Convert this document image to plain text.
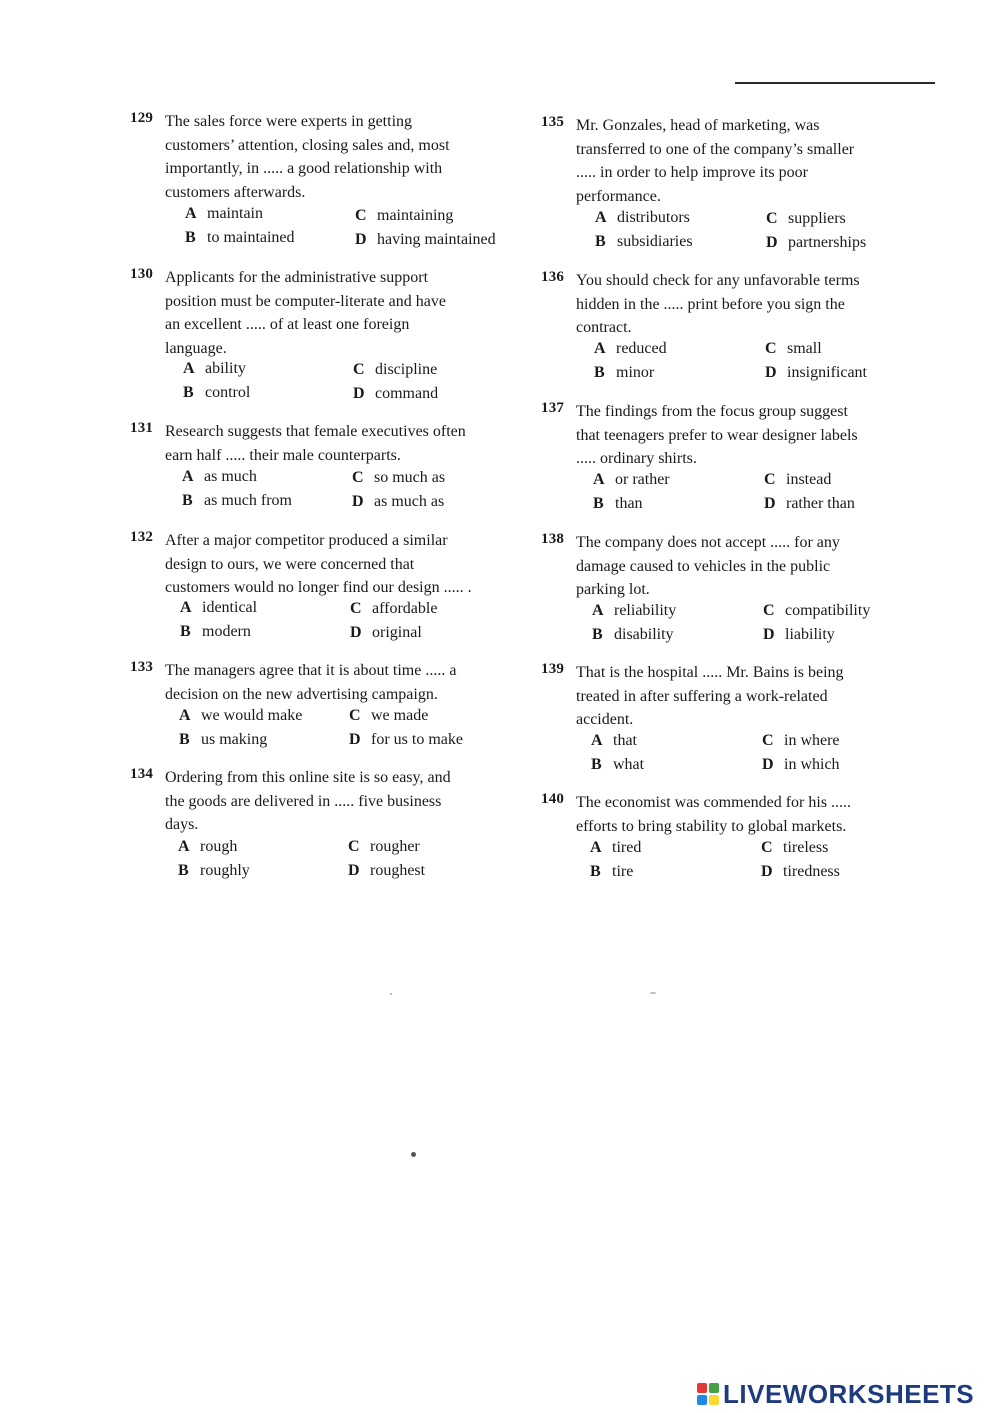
129 The sales force were experts in getting
customers’ attention, closing sales and, most
importantly, in ..... a good relationship with
customers afterwards.
A maintain	C maintaining
B to maintained	D having maintained
130 Applicants for the administrative support
position must be computer-literate and have
an excellent ..... of at least one foreign
language.
A ability	C discipline
B control	D command
131 Research suggests that female executives often
earn half ..... their male counterparts.
A as much	C so much as
B as much from	D as much as
132 After a major competitor produced a similar
design to ours, we were concerned that
customers would no longer find our design ..... .
A identical	C affordable
B modern	D original
133 The managers agree that it is about time ..... a
decision on the new advertising campaign.
A we would make	C we made
B us making	D for us to make
134 Ordering from this online site is so easy, and
the goods are delivered in ..... five business
days.
A rough	C rougher
B roughly	D roughest
135 Mr. Gonzales, head of marketing, was
transferred to one of the company’s smaller
..... in order to help improve its poor
performance.
A distributors	C suppliers
B subsidiaries	D partnerships
136 You should check for any unfavorable terms
hidden in the ..... print before you sign the
contract.
A reduced	C small
B minor	D insignificant
137 The findings from the focus group suggest
that teenagers prefer to wear designer labels
..... ordinary shirts.
A or rather	C instead
B than	D rather than
138 The company does not accept ..... for any
damage caused to vehicles in the public
parking lot.
A reliability	C compatibility
B disability	D liability
139 That is the hospital ..... Mr. Bains is being
treated in after suffering a work-related
accident.
A that	C in where
B what	D in which
140 The economist was commended for his .....
efforts to bring stability to global markets.
A tired	C tireless
B tire	D tiredness
LIVEWORKSHEETS
